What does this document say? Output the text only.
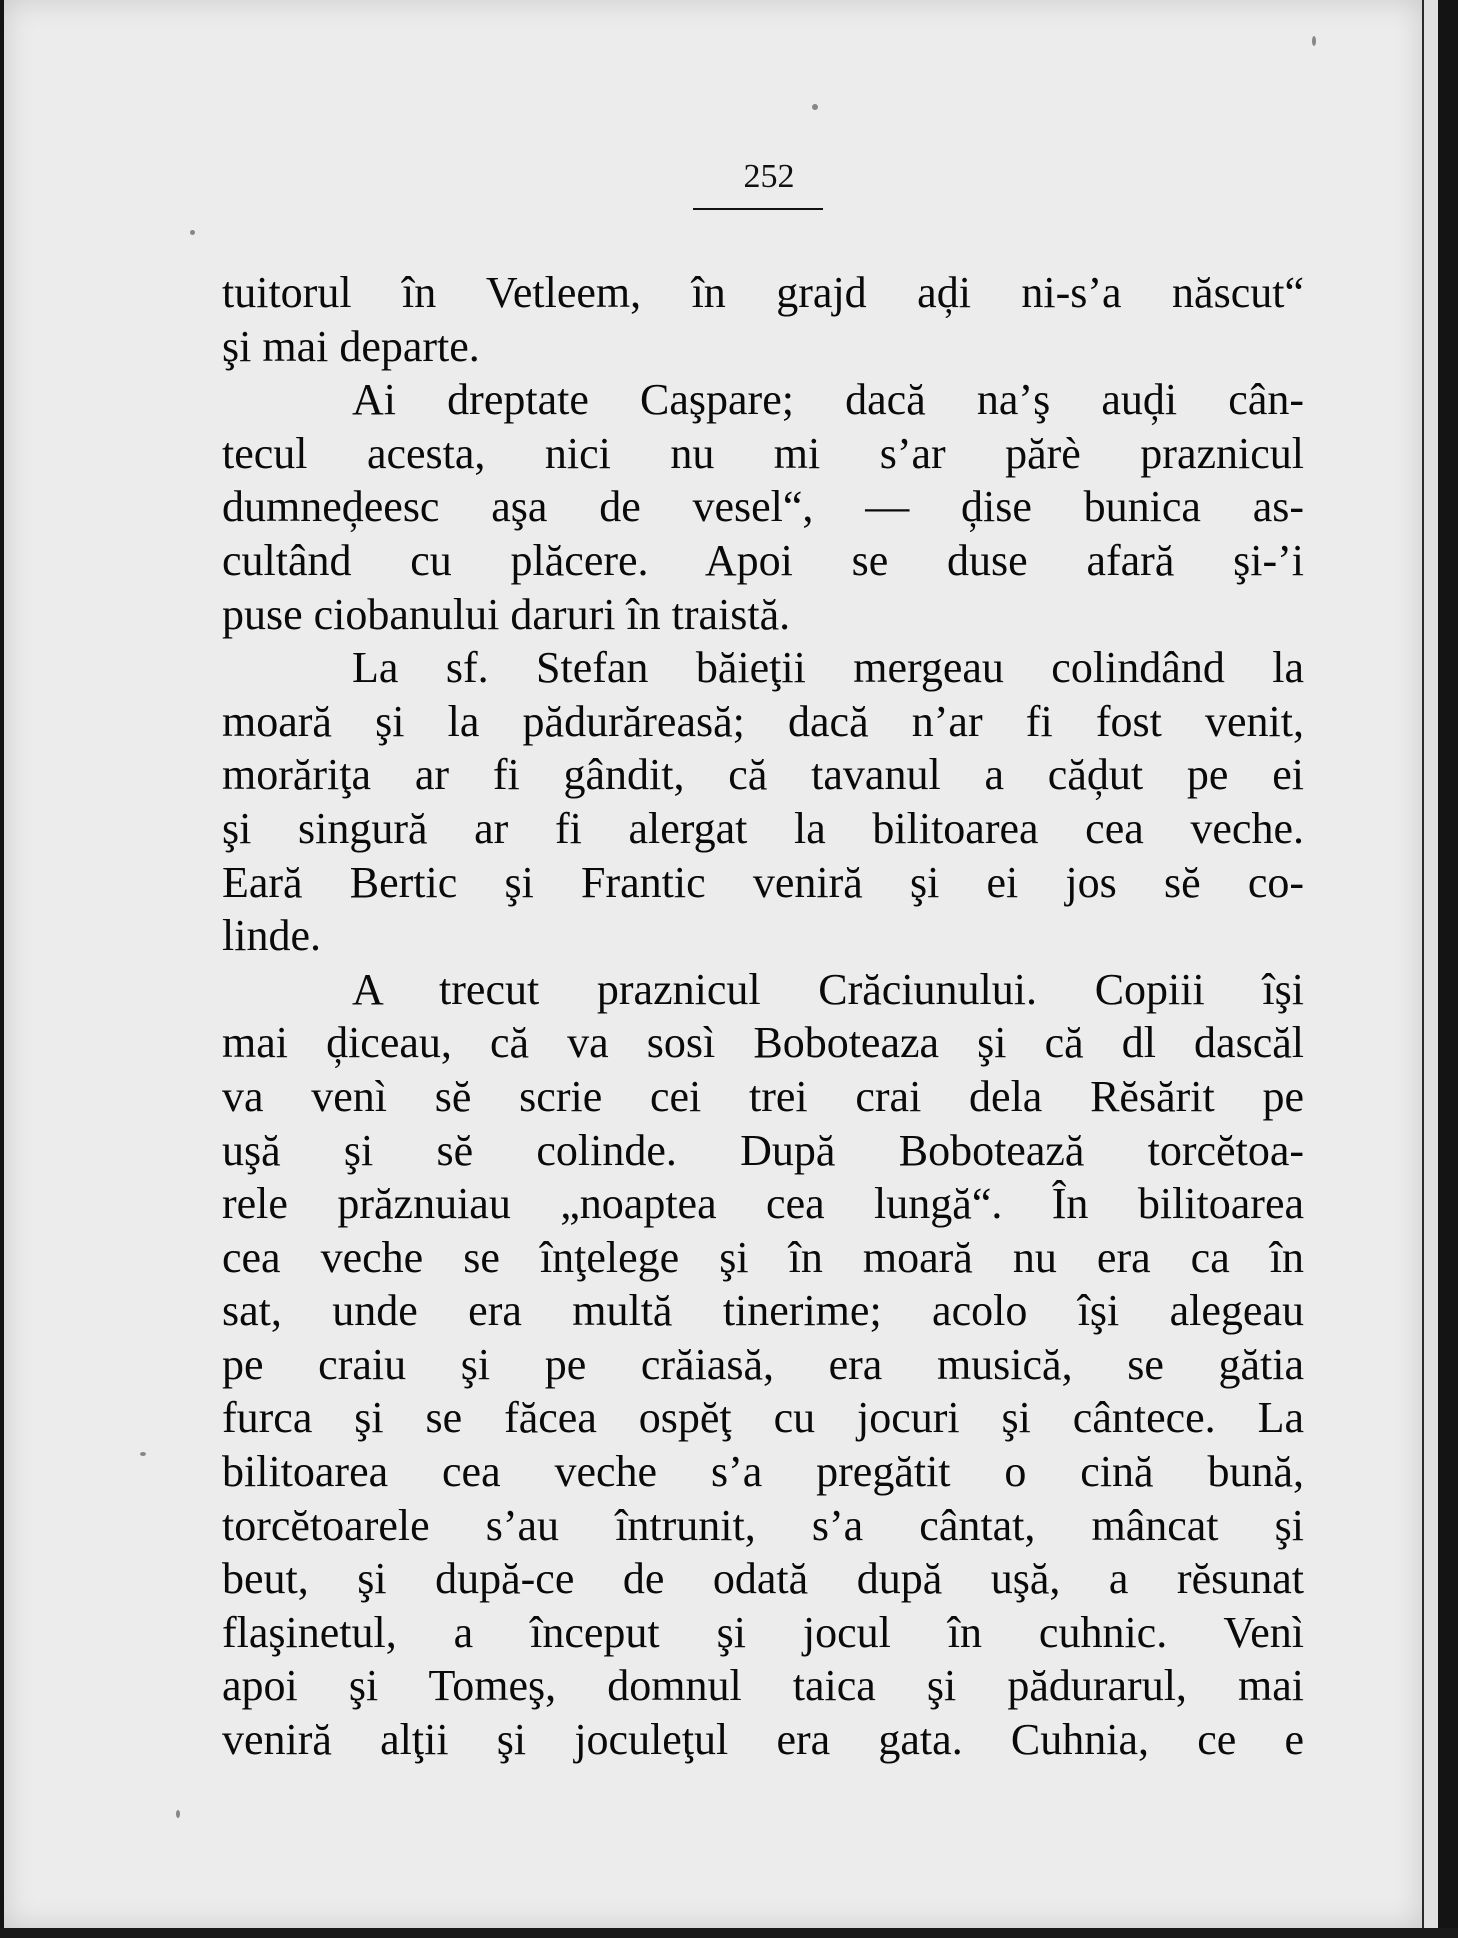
252
tuitorul în Vetleem, în grajd aḑi ni-s’a născut“
şi mai departe.
Ai dreptate Caşpare; dacă na’ş auḑi cân-
tecul acesta, nici nu mi s’ar părè praznicul
dumneḑeesc aşa de vesel“, — ḑise bunica as-
cultând cu plăcere. Apoi se duse afară şi-’i
puse ciobanului daruri în traistă.
La sf. Stefan băieţii mergeau colindând la
moară şi la pădurăreasă; dacă n’ar fi fost venit,
morăriţa ar fi gândit, că tavanul a căḑut pe ei
şi singură ar fi alergat la bilitoarea cea veche.
Eară Bertic şi Frantic veniră şi ei jos sĕ co-
linde.
A trecut praznicul Crăciunului. Copiii îşi
mai ḑiceau, că va sosì Boboteaza şi că dl dascăl
va venì sĕ scrie cei trei crai dela Rĕsărit pe
uşă şi sĕ colinde. După Bobotează torcĕtoa-
rele prăznuiau „noaptea cea lungă“. În bilitoarea
cea veche se înţelege şi în moară nu era ca în
sat, unde era multă tinerime; acolo îşi alegeau
pe craiu şi pe crăiasă, era musică, se gătia
furca şi se făcea ospĕţ cu jocuri şi cântece. La
bilitoarea cea veche s’a pregătit o cină bună,
torcĕtoarele s’au întrunit, s’a cântat, mâncat şi
beut, şi după-ce de odată după uşă, a rĕsunat
flaşinetul, a început şi jocul în cuhnic. Venì
apoi şi Tomeş, domnul taica şi pădurarul, mai
veniră alţii şi joculeţul era gata. Cuhnia, ce e
